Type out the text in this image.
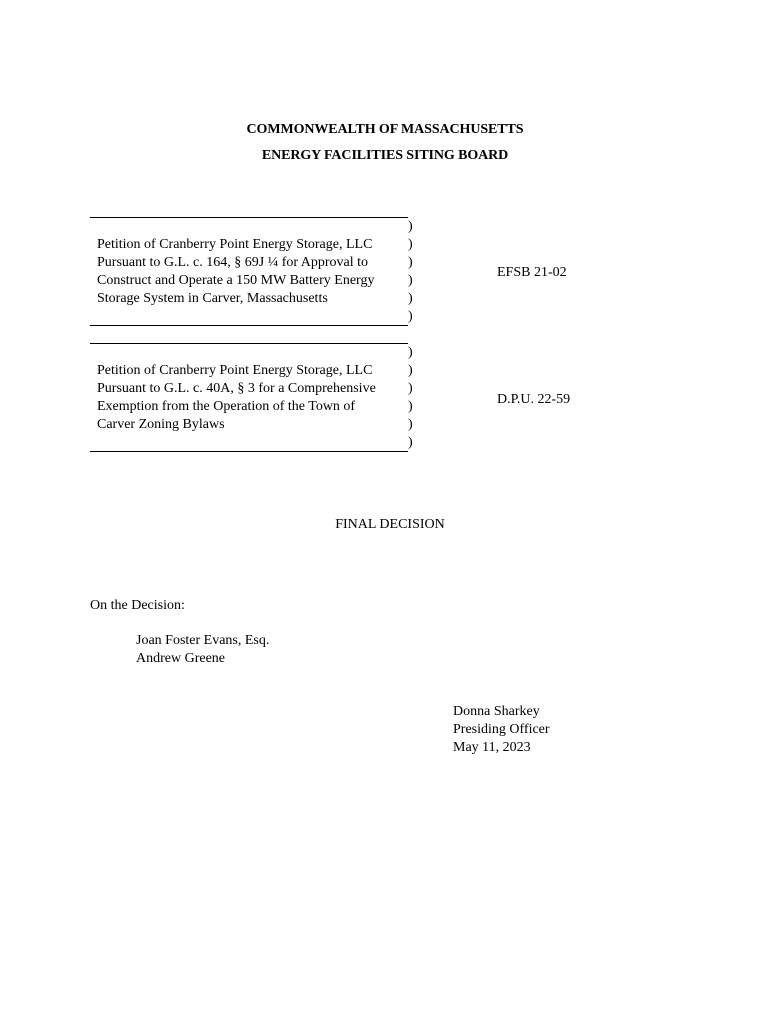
COMMONWEALTH OF MASSACHUSETTS
ENERGY FACILITIES SITING BOARD
Petition of Cranberry Point Energy Storage, LLC
Pursuant to G.L. c. 164, § 69J ¼ for Approval to
Construct and Operate a 150 MW Battery Energy
Storage System in Carver, Massachusetts
)
)
)
)
)
)
EFSB 21-02
Petition of Cranberry Point Energy Storage, LLC
Pursuant to G.L. c. 40A, § 3 for a Comprehensive
Exemption from the Operation of the Town of
Carver Zoning Bylaws
)
)
)
)
)
)
D.P.U. 22-59
FINAL DECISION
On the Decision:
Joan Foster Evans, Esq.
Andrew Greene
Donna Sharkey
Presiding Officer
May 11, 2023
